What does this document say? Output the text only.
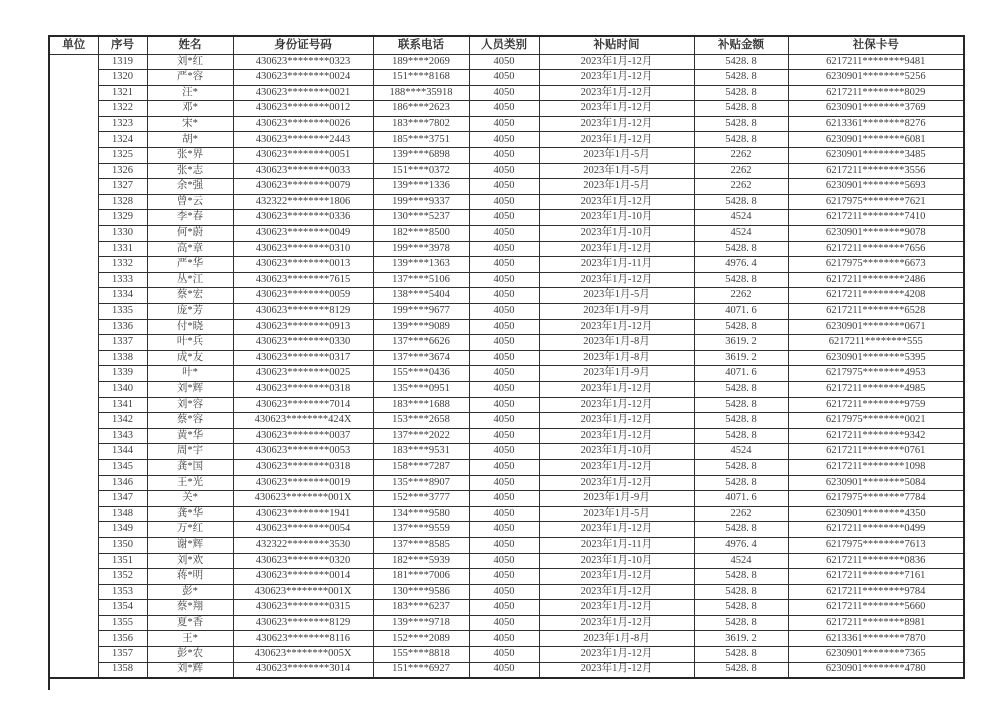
单位	序号	姓名	身份证号码	联系电话	人员类别	补贴时间	补贴金额	社保卡号
	1319	刘*红	430623********0323	189****2069	4050	2023年1月-12月	5428. 8	6217211********9481
	1320	严*容	430623********0024	151****8168	4050	2023年1月-12月	5428. 8	6230901********5256
	1321	汪*	430623********0021	188****35918	4050	2023年1月-12月	5428. 8	6217211********8029
	1322	邓*	430623********0012	186****2623	4050	2023年1月-12月	5428. 8	6230901********3769
	1323	宋*	430623********0026	183****7802	4050	2023年1月-12月	5428. 8	6213361********8276
	1324	胡*	430623********2443	185****3751	4050	2023年1月-12月	5428. 8	6230901********6081
	1325	张*界	430623********0051	139****6898	4050	2023年1月-5月	2262	6230901********3485
	1326	张*志	430623********0033	151****0372	4050	2023年1月-5月	2262	6217211********3556
	1327	余*强	430623********0079	139****1336	4050	2023年1月-5月	2262	6230901********5693
	1328	曾*云	432322********1806	199****9337	4050	2023年1月-12月	5428. 8	6217975********7621
	1329	李*春	430623********0336	130****5237	4050	2023年1月-10月	4524	6217211********7410
	1330	何*蔚	430623********0049	182****8500	4050	2023年1月-10月	4524	6230901********9078
	1331	高*章	430623********0310	199****3978	4050	2023年1月-12月	5428. 8	6217211********7656
	1332	严*华	430623********0013	139****1363	4050	2023年1月-11月	4976. 4	6217975********6673
	1333	丛*江	430623********7615	137****5106	4050	2023年1月-12月	5428. 8	6217211********2486
	1334	蔡*宏	430623********0059	138****5404	4050	2023年1月-5月	2262	6217211********4208
	1335	庞*芳	430623********8129	199****9677	4050	2023年1月-9月	4071. 6	6217211********6528
	1336	付*晓	430623********0913	139****9089	4050	2023年1月-12月	5428. 8	6230901********0671
	1337	叶*兵	430623********0330	137****6626	4050	2023年1月-8月	3619. 2	6217211********555
	1338	成*友	430623********0317	137****3674	4050	2023年1月-8月	3619. 2	6230901********5395
	1339	叶*	430623********0025	155****0436	4050	2023年1月-9月	4071. 6	6217975********4953
	1340	刘*辉	430623********0318	135****0951	4050	2023年1月-12月	5428. 8	6217211********4985
	1341	刘*容	430623********7014	183****1688	4050	2023年1月-12月	5428. 8	6217211********9759
	1342	蔡*容	430623********424X	153****2658	4050	2023年1月-12月	5428. 8	6217975********0021
	1343	黄*华	430623********0037	137****2022	4050	2023年1月-12月	5428. 8	6217211********9342
	1344	周*宇	430623********0053	183****9531	4050	2023年1月-10月	4524	6217211********0761
	1345	龚*国	430623********0318	158****7287	4050	2023年1月-12月	5428. 8	6217211********1098
	1346	王*光	430623********0019	135****8907	4050	2023年1月-12月	5428. 8	6230901********5084
	1347	关*	430623********001X	152****3777	4050	2023年1月-9月	4071. 6	6217975********7784
	1348	龚*华	430623********1941	134****9580	4050	2023年1月-5月	2262	6230901********4350
	1349	万*红	430623********0054	137****9559	4050	2023年1月-12月	5428. 8	6217211********0499
	1350	谢*辉	432322********3530	137****8585	4050	2023年1月-11月	4976. 4	6217975********7613
	1351	刘*欢	430623********0320	182****5939	4050	2023年1月-10月	4524	6217211********0836
	1352	蒋*明	430623********0014	181****7006	4050	2023年1月-12月	5428. 8	6217211********7161
	1353	彭*	430623********001X	130****9586	4050	2023年1月-12月	5428. 8	6217211********9784
	1354	蔡*翔	430623********0315	183****6237	4050	2023年1月-12月	5428. 8	6217211********5660
	1355	夏*香	430623********8129	139****9718	4050	2023年1月-12月	5428. 8	6217211********8981
	1356	王*	430623********8116	152****2089	4050	2023年1月-8月	3619. 2	6213361********7870
	1357	彭*农	430623********005X	155****8818	4050	2023年1月-12月	5428. 8	6230901********7365
	1358	刘*辉	430623********3014	151****6927	4050	2023年1月-12月	5428. 8	6230901********4780
